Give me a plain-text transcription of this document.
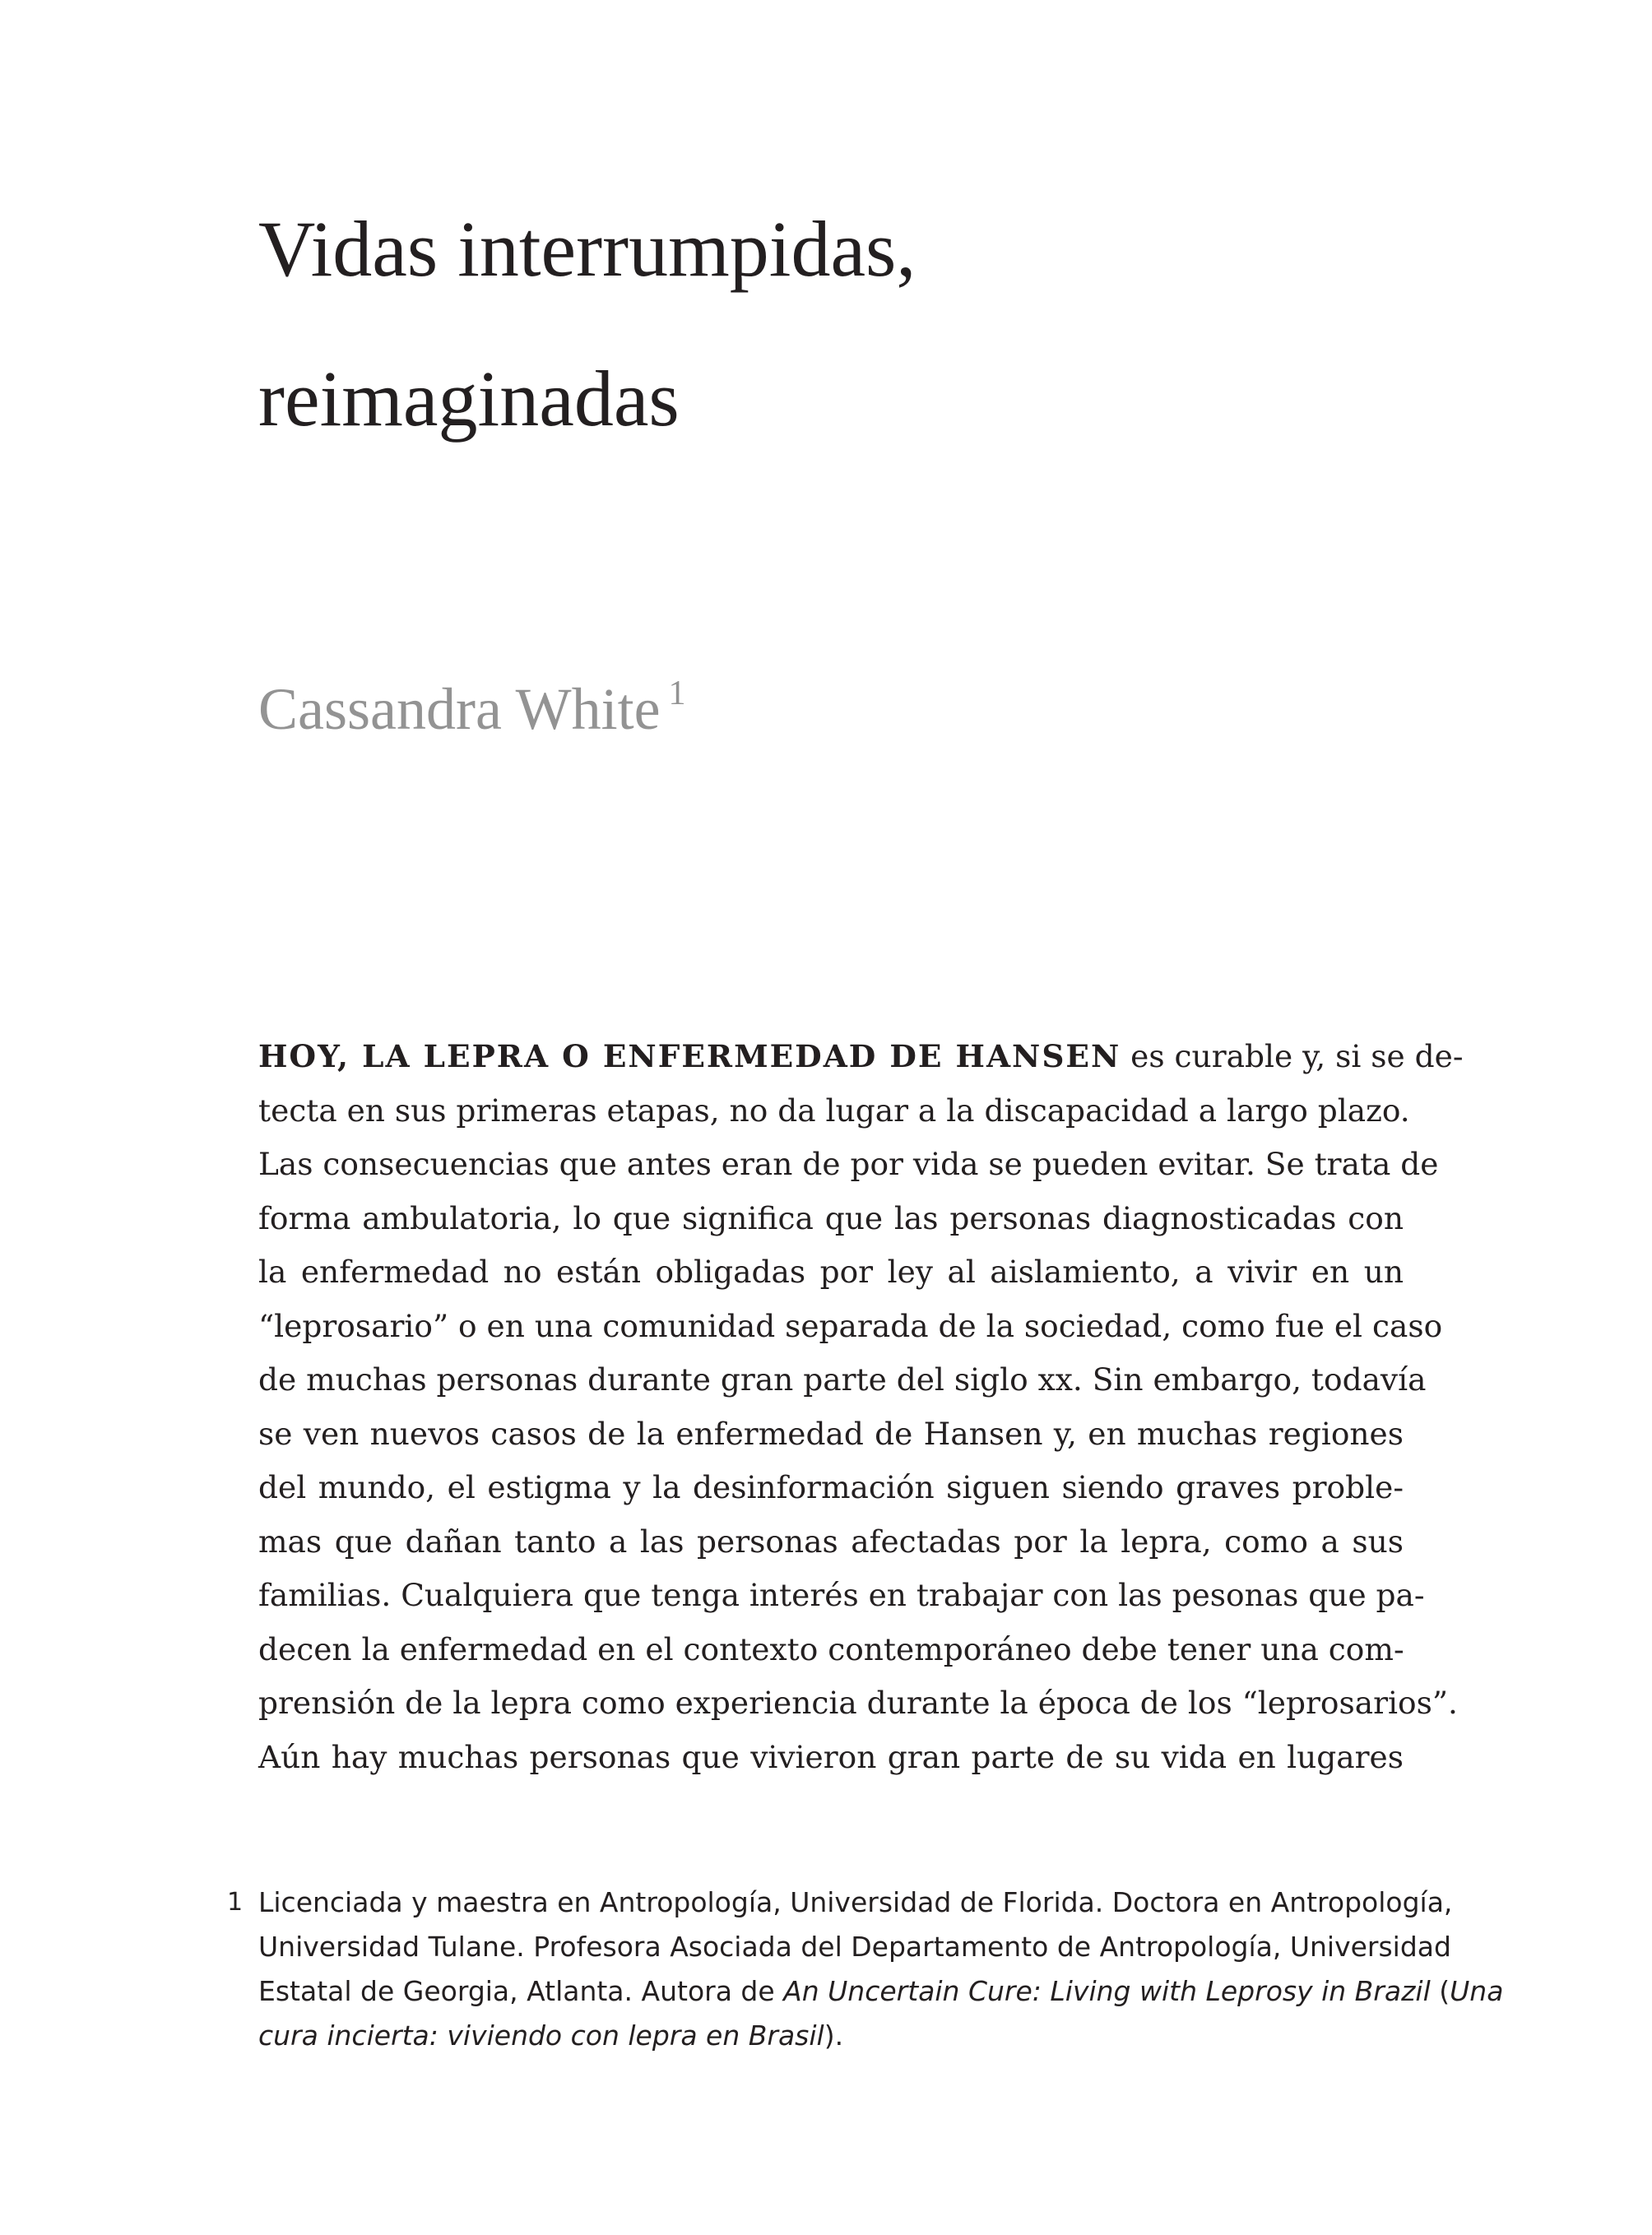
Vidas interrumpidas,
reimaginadas
Cassandra White $^1$
HOY, LA LEPRA O ENFERMEDAD DE HANSEN es curable y, si se de-
tecta en sus primeras etapas, no da lugar a la discapacidad a largo plazo.
Las consecuencias que antes eran de por vida se pueden evitar. Se trata de
forma ambulatoria, lo que significa que las personas diagnosticadas con
la enfermedad no están obligadas por ley al aislamiento, a vivir en un
“leprosario” o en una comunidad separada de la sociedad, como fue el caso
de muchas personas durante gran parte del siglo xx. Sin embargo, todavía
se ven nuevos casos de la enfermedad de Hansen y, en muchas regiones
del mundo, el estigma y la desinformación siguen siendo graves proble-
mas que dañan tanto a las personas afectadas por la lepra, como a sus
familias. Cualquiera que tenga interés en trabajar con las pesonas que pa-
decen la enfermedad en el contexto contemporáneo debe tener una com-
prensión de la lepra como experiencia durante la época de los “leprosarios”.
Aún hay muchas personas que vivieron gran parte de su vida en lugares
1 Licenciada y maestra en Antropología, Universidad de Florida. Doctora en Antropología,
Universidad Tulane. Profesora Asociada del Departamento de Antropología, Universidad
Estatal de Georgia, Atlanta. Autora de An Uncertain Cure: Living with Leprosy in Brazil (Una
cura incierta: viviendo con lepra en Brasil).
